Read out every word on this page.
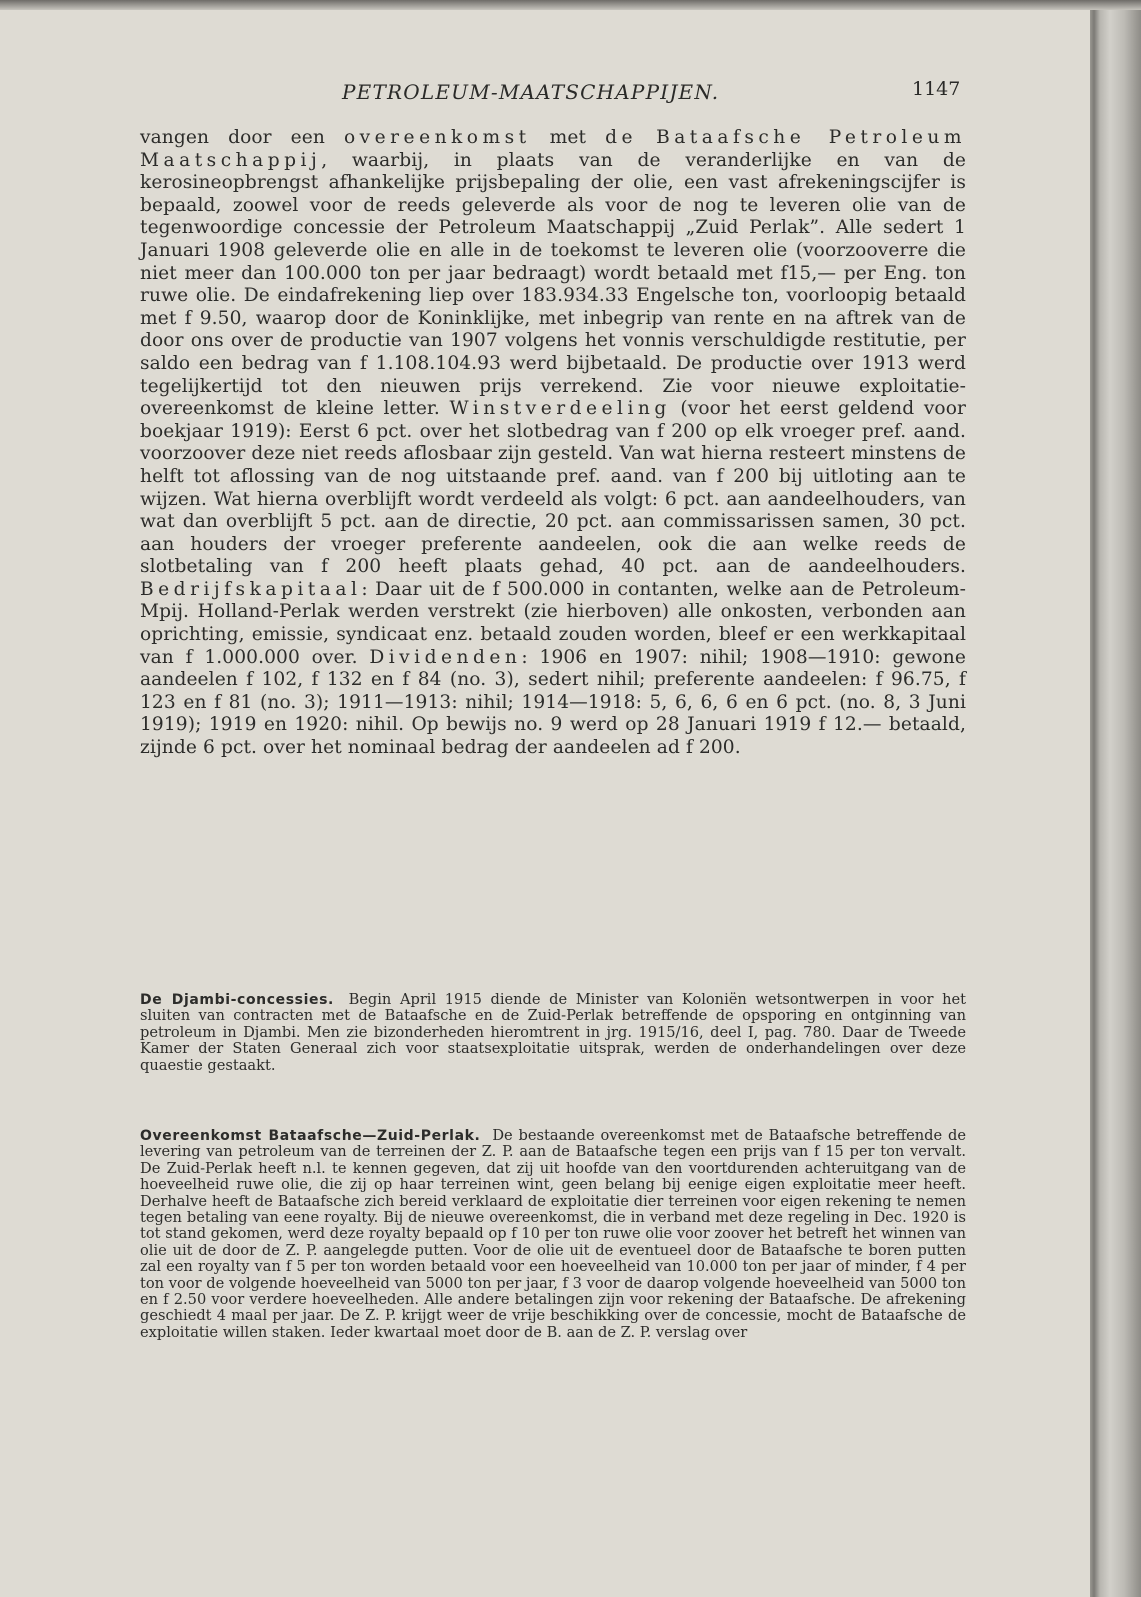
PETROLEUM-MAATSCHAPPIJEN.	1147

vangen door een overeenkomst met de Bataafsche Petroleum Maatschappij, waarbij, in plaats van de veranderlijke en van de kerosineopbrengst afhankelijke prijsbepaling der olie, een vast afrekeningscijfer is bepaald, zoowel voor de reeds geleverde als voor de nog te leveren olie van de tegenwoordige concessie der Petroleum Maatschappij „Zuid Perlak”. Alle sedert 1 Januari 1908 geleverde olie en alle in de toekomst te leveren olie (voorzooverre die niet meer dan 100.000 ton per jaar bedraagt) wordt betaald met f15,— per Eng. ton ruwe olie. De eindafrekening liep over 183.934.33 Engelsche ton, voorloopig betaald met f 9.50, waarop door de Koninklijke, met inbegrip van rente en na aftrek van de door ons over de productie van 1907 volgens het vonnis verschuldigde restitutie, per saldo een bedrag van f 1.108.104.93 werd bijbetaald. De productie over 1913 werd tegelijkertijd tot den nieuwen prijs verrekend. Zie voor nieuwe exploitatie-overeenkomst de kleine letter. Winstverdeeling (voor het eerst geldend voor boekjaar 1919): Eerst 6 pct. over het slotbedrag van f 200 op elk vroeger pref. aand. voorzoover deze niet reeds aflosbaar zijn gesteld. Van wat hierna resteert minstens de helft tot aflossing van de nog uitstaande pref. aand. van f 200 bij uitloting aan te wijzen. Wat hierna overblijft wordt verdeeld als volgt: 6 pct. aan aandeelhouders, van wat dan overblijft 5 pct. aan de directie, 20 pct. aan commissarissen samen, 30 pct. aan houders der vroeger preferente aandeelen, ook die aan welke reeds de slotbetaling van f 200 heeft plaats gehad, 40 pct. aan de aandeelhouders. Bedrijfskapitaal: Daar uit de f 500.000 in contanten, welke aan de Petroleum-Mpij. Holland-Perlak werden verstrekt (zie hierboven) alle onkosten, verbonden aan oprichting, emissie, syndicaat enz. betaald zouden worden, bleef er een werkkapitaal van f 1.000.000 over. Dividenden: 1906 en 1907: nihil; 1908—1910: gewone aandeelen f 102, f 132 en f 84 (no. 3), sedert nihil; preferente aandeelen: f 96.75, f 123 en f 81 (no. 3); 1911—1913: nihil; 1914—1918: 5, 6, 6, 6 en 6 pct. (no. 8, 3 Juni 1919); 1919 en 1920: nihil. Op bewijs no. 9 werd op 28 Januari 1919 f 12.— betaald, zijnde 6 pct. over het nominaal bedrag der aandeelen ad f 200.

De Djambi-concessies. Begin April 1915 diende de Minister van Koloniën wetsontwerpen in voor het sluiten van contracten met de Bataafsche en de Zuid-Perlak betreffende de opsporing en ontginning van petroleum in Djambi. Men zie bizonderheden hieromtrent in jrg. 1915/16, deel I, pag. 780. Daar de Tweede Kamer der Staten Generaal zich voor staatsexploitatie uitsprak, werden de onderhandelingen over deze quaestie gestaakt.
Overeenkomst Bataafsche—Zuid-Perlak. De bestaande overeenkomst met de Bataafsche betreffende de levering van petroleum van de terreinen der Z. P. aan de Bataafsche tegen een prijs van f 15 per ton vervalt. De Zuid-Perlak heeft n.l. te kennen gegeven, dat zij uit hoofde van den voortdurenden achteruitgang van de hoeveelheid ruwe olie, die zij op haar terreinen wint, geen belang bij eenige eigen exploitatie meer heeft. Derhalve heeft de Bataafsche zich bereid verklaard de exploitatie dier terreinen voor eigen rekening te nemen tegen betaling van eene royalty. Bij de nieuwe overeenkomst, die in verband met deze regeling in Dec. 1920 is tot stand gekomen, werd deze royalty bepaald op f 10 per ton ruwe olie voor zoover het betreft het winnen van olie uit de door de Z. P. aangelegde putten. Voor de olie uit de eventueel door de Bataafsche te boren putten zal een royalty van f 5 per ton worden betaald voor een hoeveelheid van 10.000 ton per jaar of minder, f 4 per ton voor de volgende hoeveelheid van 5000 ton per jaar, f 3 voor de daarop volgende hoeveelheid van 5000 ton en f 2.50 voor verdere hoeveelheden. Alle andere betalingen zijn voor rekening der Bataafsche. De afrekening geschiedt 4 maal per jaar. De Z. P. krijgt weer de vrije beschikking over de concessie, mocht de Bataafsche de exploitatie willen staken. Ieder kwartaal moet door de B. aan de Z. P. verslag over
